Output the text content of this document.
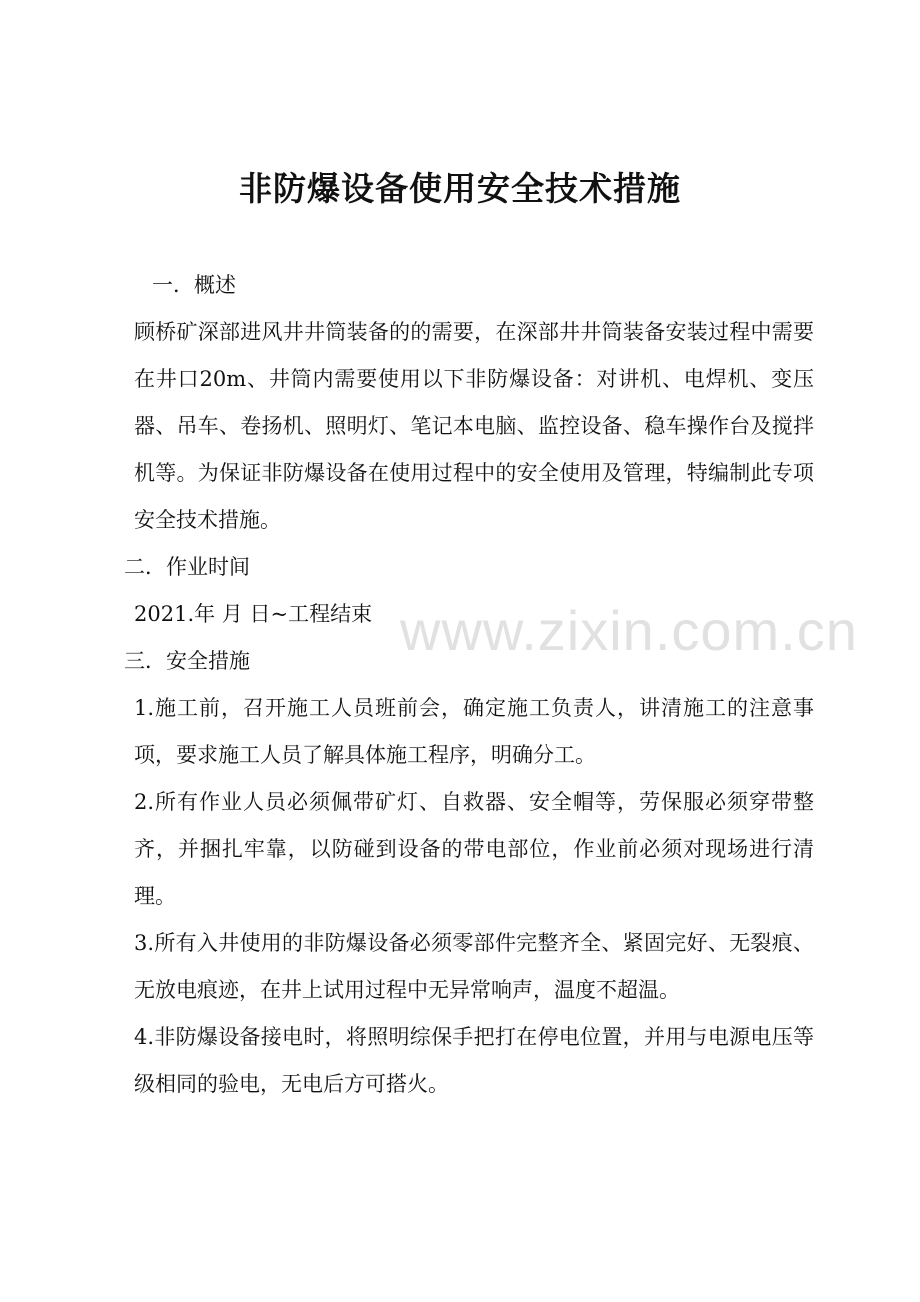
非防爆设备使用安全技术措施

一．概述

顾桥矿深部进风井井筒装备的的需要，在深部井井筒装备安装过程中需要在井口20m、井筒内需要使用以下非防爆设备：对讲机、电焊机、变压器、吊车、卷扬机、照明灯、笔记本电脑、监控设备、稳车操作台及搅拌机等。为保证非防爆设备在使用过程中的安全使用及管理，特编制此专项安全技术措施。

二．作业时间

2021.年 月 日~工程结束

三．安全措施

1.施工前，召开施工人员班前会，确定施工负责人，讲清施工的注意事项，要求施工人员了解具体施工程序，明确分工。

2.所有作业人员必须佩带矿灯、自救器、安全帽等，劳保服必须穿带整齐，并捆扎牢靠，以防碰到设备的带电部位，作业前必须对现场进行清理。

3.所有入井使用的非防爆设备必须零部件完整齐全、紧固完好、无裂痕、无放电痕迹，在井上试用过程中无异常响声，温度不超温。

4.非防爆设备接电时，将照明综保手把打在停电位置，并用与电源电压等级相同的验电，无电后方可搭火。

www.zixin.com.cn
